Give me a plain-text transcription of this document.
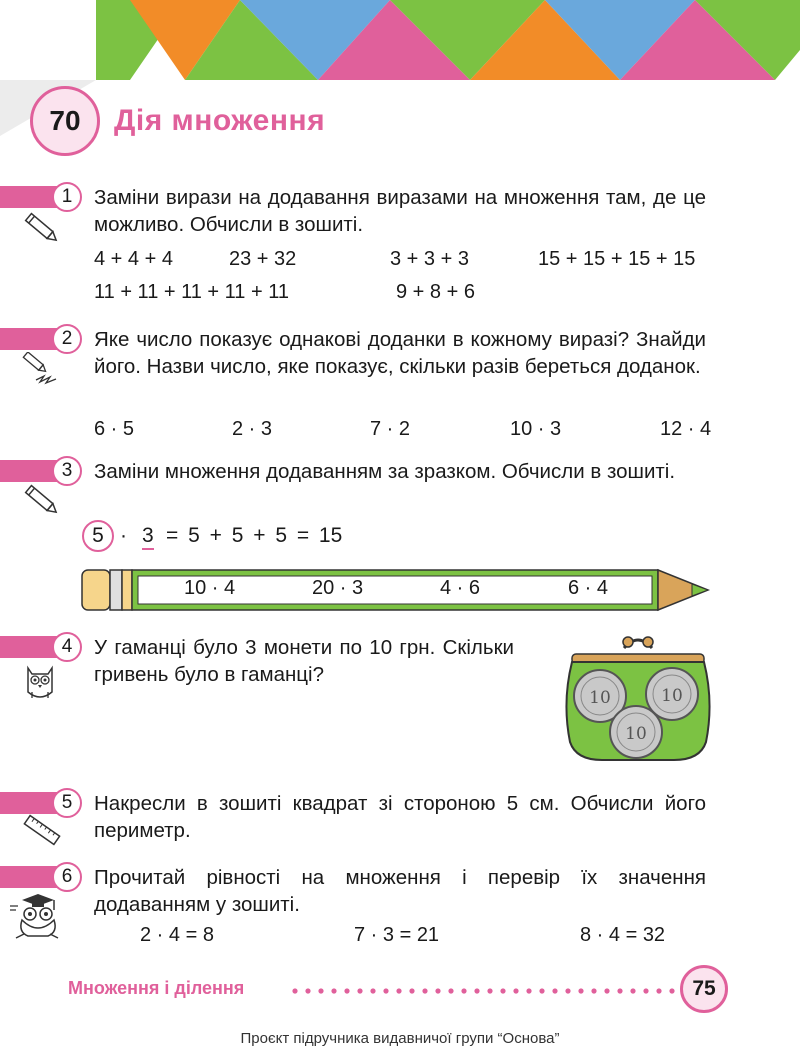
70	Дія множення
1	Заміни вирази на додавання виразами на множення там, де це можливо. Обчисли в зошиті.
4 + 4 + 4	23 + 32	3 + 3 + 3	15 + 15 + 15 + 15
11 + 11 + 11 + 11 + 11	9 + 8 + 6
2	Яке число показує однакові доданки в кожному виразі? Знайди його. Назви число, яке показує, скільки разів береться доданок.
6 · 5	2 · 3	7 · 2	10 · 3	12 · 4
3	Заміни множення додаванням за зразком. Обчисли в зошиті.
5 · 3 = 5 + 5 + 5 = 15
10 · 4	20 · 3	4 · 6	6 · 4
4	У гаманці було 3 монети по 10 грн. Скільки гривень було в гаманці?
10	10
10
5	Накресли в зошиті квадрат зі стороною 5 см. Обчисли його периметр.
6	Прочитай рівності на множення і перевір їх значення додаванням у зошиті.
2 · 4 = 8	7 · 3 = 21	8 · 4 = 32
Множення і ділення	75
Проєкт підручника видавничої групи “Основа”
